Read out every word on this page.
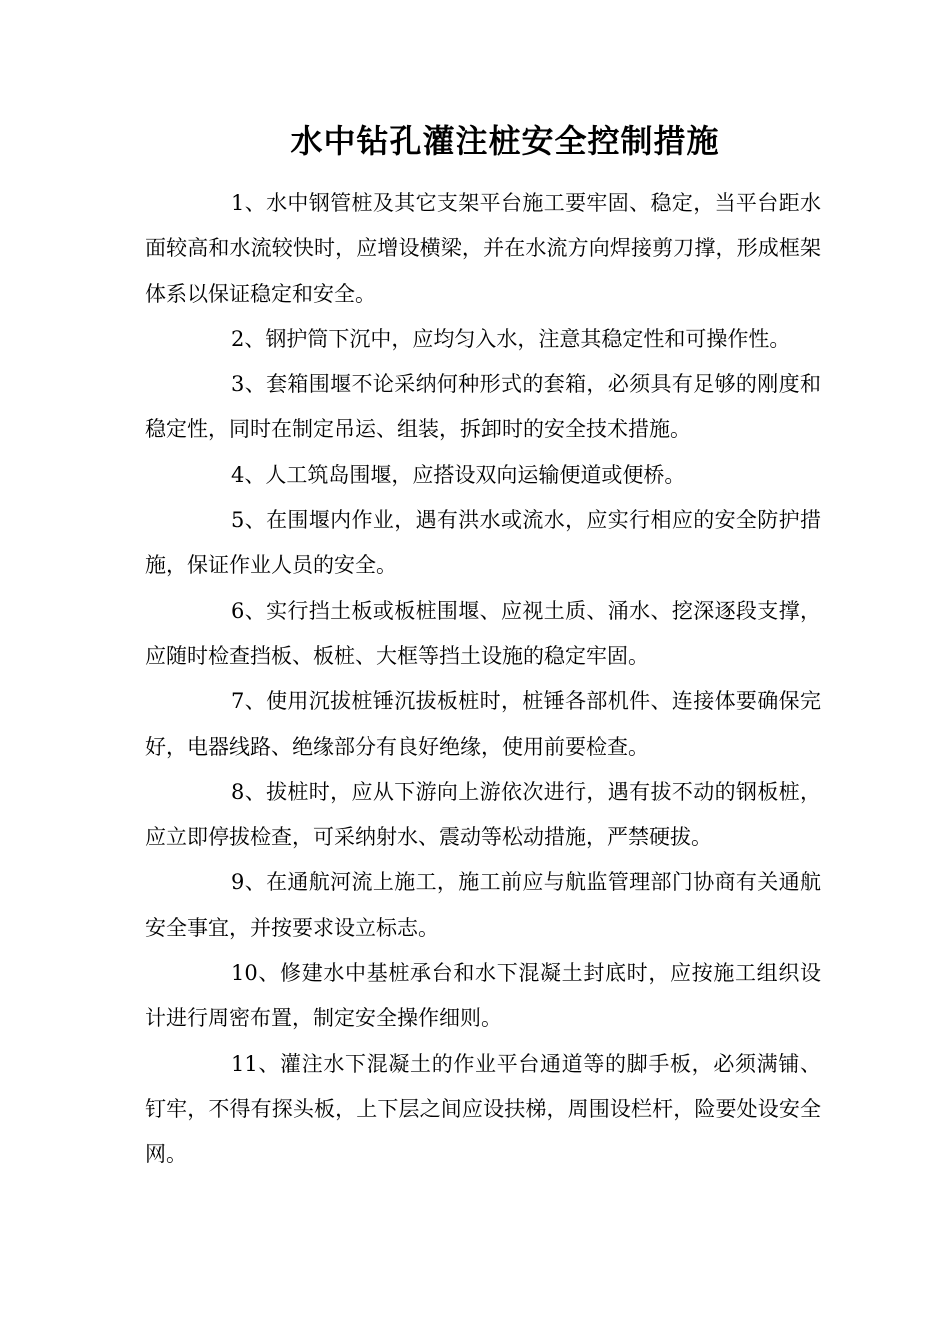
水中钻孔灌注桩安全控制措施

1、水中钢管桩及其它支架平台施工要牢固、稳定，当平台距水面较高和水流较快时，应增设横梁，并在水流方向焊接剪刀撑，形成框架体系以保证稳定和安全。

2、钢护筒下沉中，应均匀入水，注意其稳定性和可操作性。

3、套箱围堰不论采纳何种形式的套箱，必须具有足够的刚度和稳定性，同时在制定吊运、组装，拆卸时的安全技术措施。

4、人工筑岛围堰，应搭设双向运输便道或便桥。

5、在围堰内作业，遇有洪水或流水，应实行相应的安全防护措施，保证作业人员的安全。

6、实行挡土板或板桩围堰、应视土质、涌水、挖深逐段支撑，应随时检查挡板、板桩、大框等挡土设施的稳定牢固。

7、使用沉拔桩锤沉拔板桩时，桩锤各部机件、连接体要确保完好，电器线路、绝缘部分有良好绝缘，使用前要检查。

8、拔桩时，应从下游向上游依次进行，遇有拔不动的钢板桩，应立即停拔检查，可采纳射水、震动等松动措施，严禁硬拔。

9、在通航河流上施工，施工前应与航监管理部门协商有关通航安全事宜，并按要求设立标志。

10、修建水中基桩承台和水下混凝土封底时，应按施工组织设计进行周密布置，制定安全操作细则。

11、灌注水下混凝土的作业平台通道等的脚手板，必须满铺、钉牢，不得有探头板，上下层之间应设扶梯，周围设栏杆，险要处设安全网。
